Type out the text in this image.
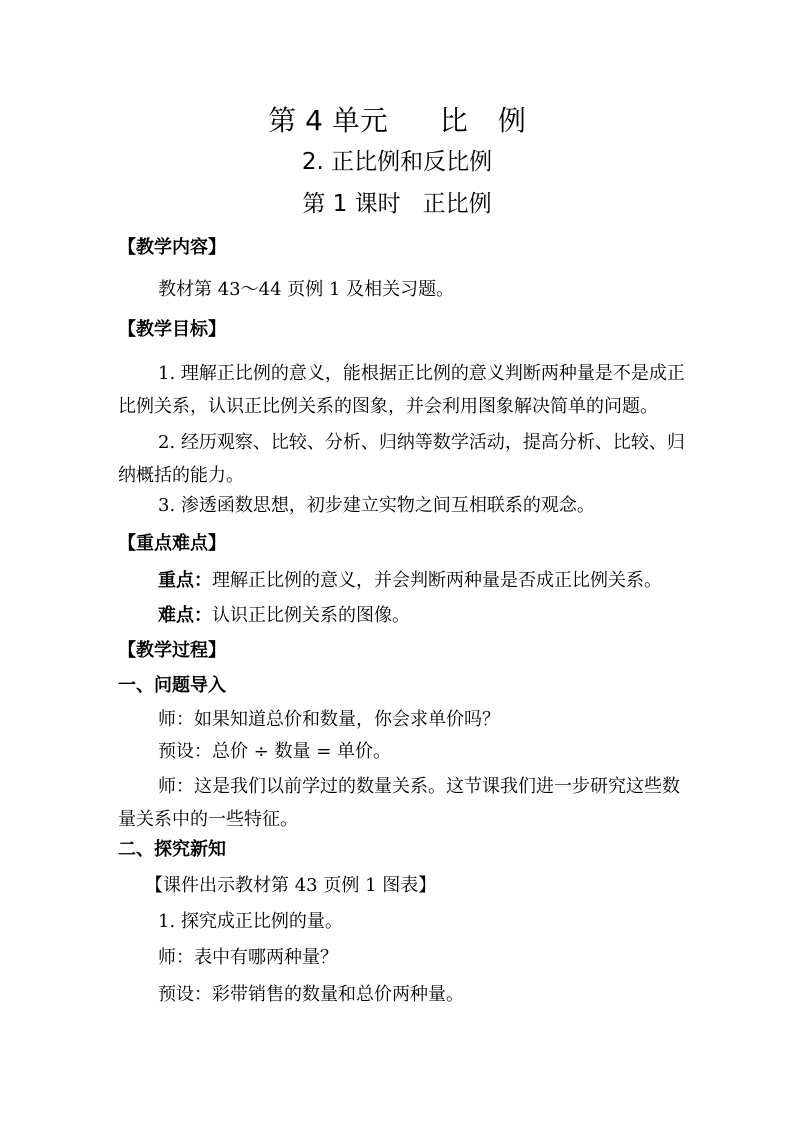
第 4 单元 比 例
2. 正比例和反比例
第 1 课时 正比例
【教学内容】
教材第 43～44 页例 1 及相关习题。
【教学目标】
1. 理解正比例的意义，能根据正比例的意义判断两种量是不是成正比例关系，认识正比例关系的图象，并会利用图象解决简单的问题。
2. 经历观察、比较、分析、归纳等数学活动，提高分析、比较、归纳概括的能力。
3. 渗透函数思想，初步建立实物之间互相联系的观念。
【重点难点】
重点：理解正比例的意义，并会判断两种量是否成正比例关系。
难点：认识正比例关系的图像。
【教学过程】
一、问题导入
师：如果知道总价和数量，你会求单价吗？
预设：总价 ÷ 数量 = 单价。
师：这是我们以前学过的数量关系。这节课我们进一步研究这些数量关系中的一些特征。
二、探究新知
【课件出示教材第 43 页例 1 图表】
1. 探究成正比例的量。
师：表中有哪两种量？
预设：彩带销售的数量和总价两种量。
